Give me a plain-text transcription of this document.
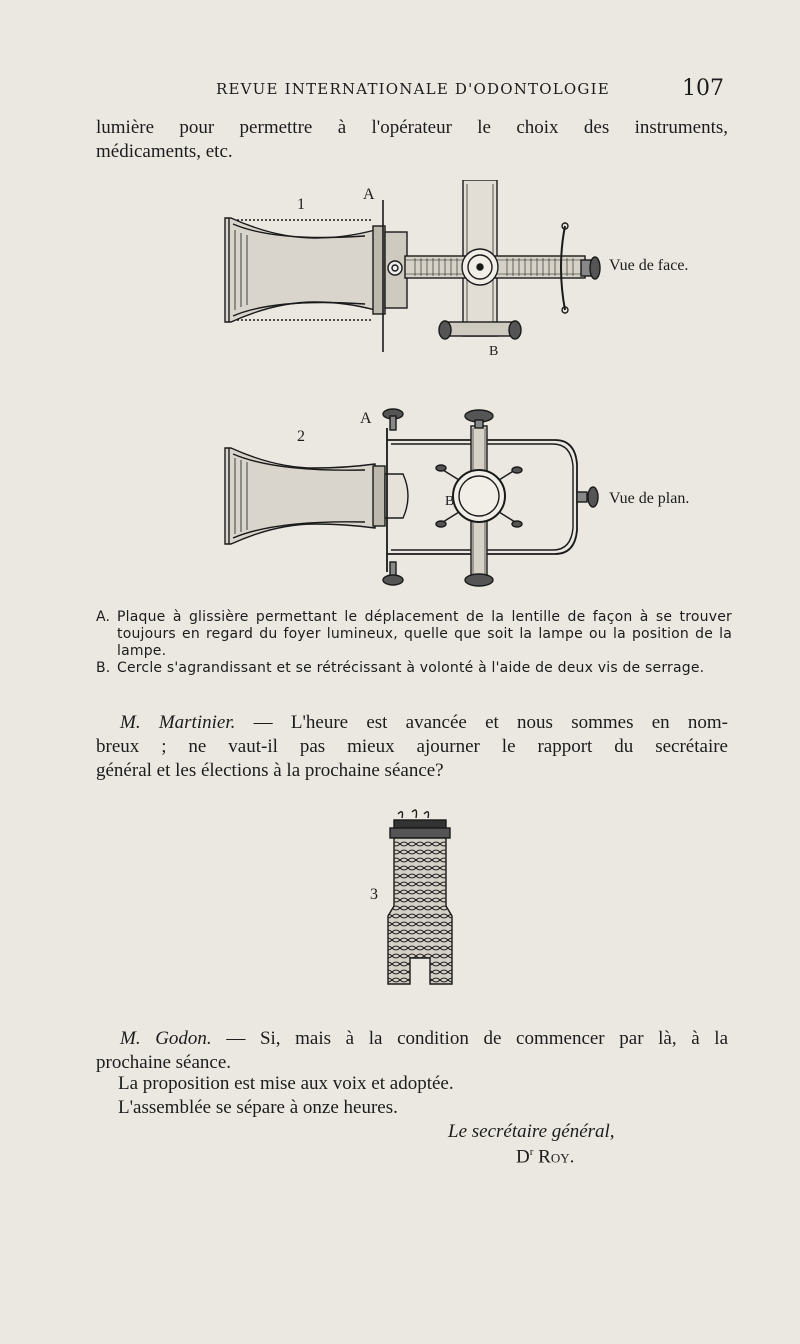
REVUE INTERNATIONALE D'ODONTOLOGIE	107
lumière pour permettre à l'opérateur le choix des instruments,
médicaments, etc.
1
A
B
Vue de face.
2
A
B	Vue de plan.
A. Plaque à glissière permettant le déplacement de la lentille de façon à se trouver toujours en regard du foyer lumineux, quelle que soit la lampe ou la position de la lampe.
B. Cercle s'agrandissant et se rétrécissant à volonté à l'aide de deux vis de serrage.
M. Martinier. — L'heure est avancée et nous sommes en nom-
breux ; ne vaut-il pas mieux ajourner le rapport du secrétaire
général et les élections à la prochaine séance?
3
M. Godon. — Si, mais à la condition de commencer par là, à la
prochaine séance.
La proposition est mise aux voix et adoptée.
L'assemblée se sépare à onze heures.
Le secrétaire général,
$D^r$ Roy.
